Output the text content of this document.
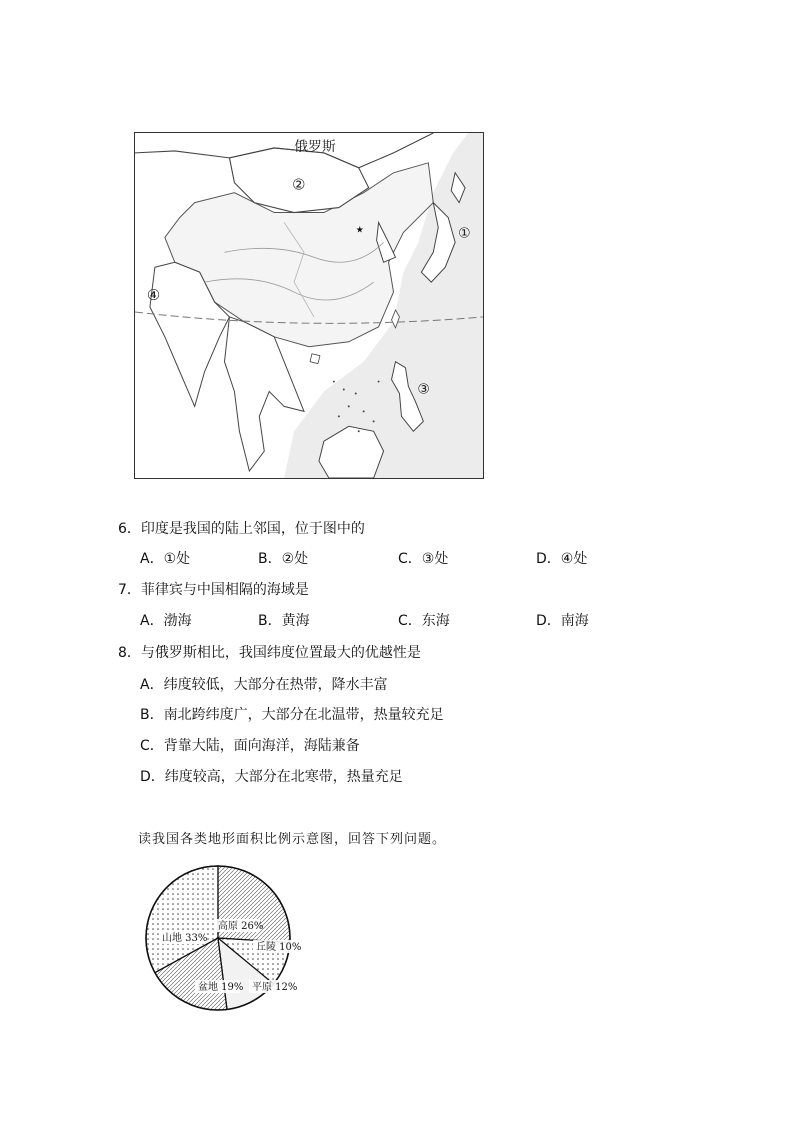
★
俄罗斯
②
①
③
④
6．印度是我国的陆上邻国，位于图中的
A．①处	B．②处	C．③处	D．④处
7．菲律宾与中国相隔的海域是
A．渤海	B．黄海	C．东海	D．南海
8．与俄罗斯相比，我国纬度位置最大的优越性是
A．纬度较低，大部分在热带，降水丰富
B．南北跨纬度广，大部分在北温带，热量较充足
C．背靠大陆，面向海洋，海陆兼备
D．纬度较高，大部分在北寒带，热量充足
读我国各类地形面积比例示意图，回答下列问题。
山地 33%
高原 26%
丘陵 10%
平原 12%
盆地 19%
